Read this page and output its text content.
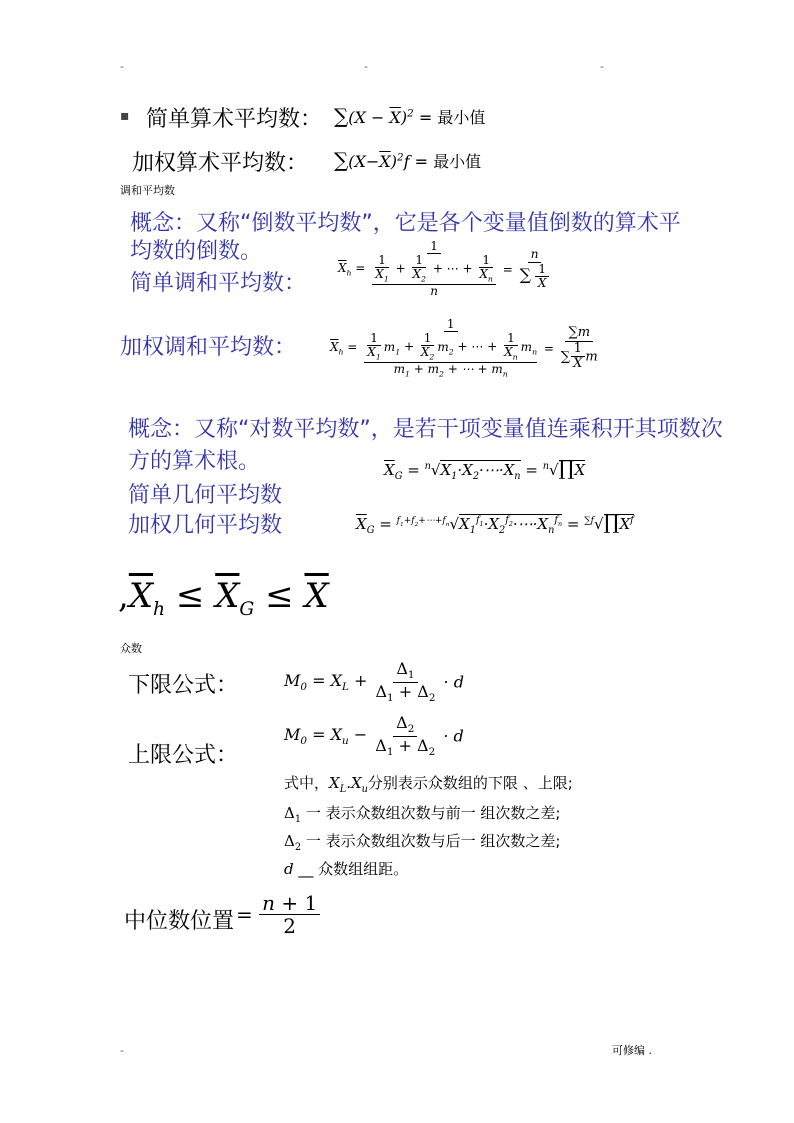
-	-	-
▪ 简单算术平均数： $\sum(X - \overline{X})^2$ = 最小值
加权算术平均数： $\sum(X-\overline{X})^2f$ = 最小值
调和平均数
概念：又称“倒数平均数”，它是各个变量值倒数的算术平
均数的倒数。
简单调和平均数：
$\overline{X}_h = 1$
$\frac{1}{X_1} + \frac{1}{X_2}$ + ⋯ + $\frac{1}{X_n}$
$n = \frac{n}{\sum \frac{1}{X}}$
加权调和平均数：	$\overline{X}_h = 1$
$\frac{1}{X_1} m_1 + \frac{1}{X_2} m_2$ + ⋯ + $\frac{1}{X_n} m_n$
$m_1 + m_2$ + ⋯ + $m_n = \frac{\sum m}{\sum \frac{1}{X} m}$
概念：又称“对数平均数”，是若干项变量值连乘积开其项数次
方的算术根。
简单几何平均数
加权几何平均数
$\overline{X}_G$ = $^n√X_1\cdot X_2\cdot\cdots\cdot X_n$ = $^n$√∏X
$\overline{X}_G$ = $^{f_1+f_2+\cdots+f_n}√X_1^{f_1}\cdot X_2^{f_2}\cdot\cdots\cdot X_n^{f_n}$ = $^{\sum f}√\prod X^f$
$,\overline{X}_h \le \overline{X}_G \le \overline{X}$
众数
下限公式：	$M_0 = X_L + \frac{\Delta_1}{\Delta_1 + \Delta_2} \cdot d$
上限公式：
$M_0 = X_u - \frac{\Delta_2}{\Delta_1 + \Delta_2} \cdot d$
式中，$X_L.X_u$分别表示众数组的下限 、上限;
$\Delta_1$ 一 表示众数组次数与前一 组次数之差;
$\Delta_2$ 一 表示众数组次数与后一 组次数之差;
d __ 众数组组距。
中位数位置 = $\frac{n + 1}{2}$
-	可修编 .
